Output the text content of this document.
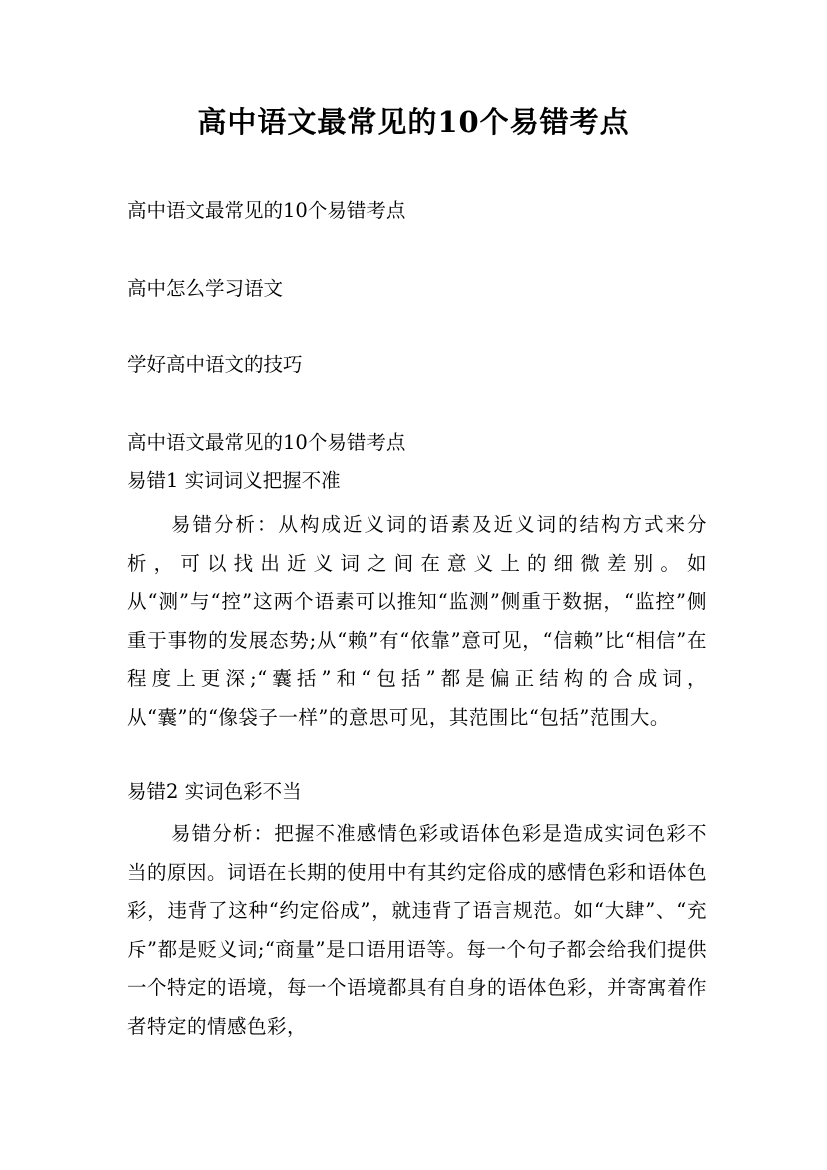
高中语文最常见的10个易错考点
高中语文最常见的10个易错考点
高中怎么学习语文
学好高中语文的技巧
高中语文最常见的10个易错考点
易错1 实词词义把握不准
易错分析：从构成近义词的语素及近义词的结构方式来分析，可以找出近义词之间在意义上的细微差别。如从“测”与“控”这两个语素可以推知“监测”侧重于数据，“监控”侧重于事物的发展态势;从“赖”有“依靠”意可见，“信赖”比“相信”在程度上更深;“囊括”和“包括”都是偏正结构的合成词，从“囊”的“像袋子一样”的意思可见，其范围比“包括”范围大。
易错2 实词色彩不当
易错分析：把握不准感情色彩或语体色彩是造成实词色彩不当的原因。词语在长期的使用中有其约定俗成的感情色彩和语体色彩，违背了这种“约定俗成”，就违背了语言规范。如“大肆”、“充斥”都是贬义词;“商量”是口语用语等。每一个句子都会给我们提供一个特定的语境，每一个语境都具有自身的语体色彩，并寄寓着作者特定的情感色彩，
